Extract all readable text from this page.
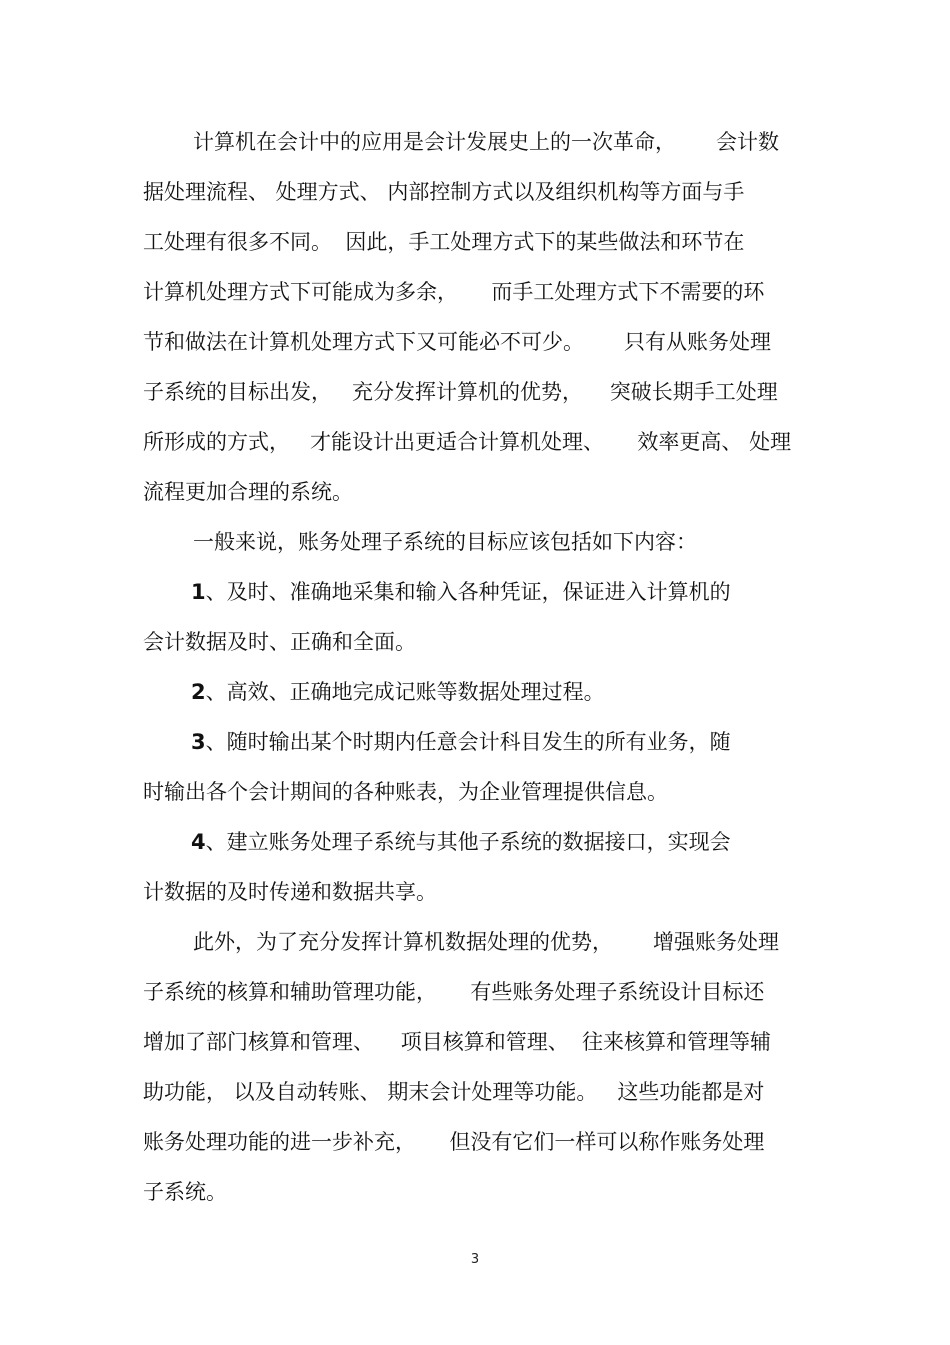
计算机在会计中的应用是会计发展史上的一次革命，      会计数
据处理流程、 处理方式、 内部控制方式以及组织机构等方面与手
工处理有很多不同。  因此，手工处理方式下的某些做法和环节在
计算机处理方式下可能成为多余，     而手工处理方式下不需要的环
节和做法在计算机处理方式下又可能必不可少。      只有从账务处理
子系统的目标出发，   充分发挥计算机的优势，    突破长期手工处理
所形成的方式，   才能设计出更适合计算机处理、     效率更高、 处理
流程更加合理的系统。
一般来说，账务处理子系统的目标应该包括如下内容：
1、及时、准确地采集和输入各种凭证，保证进入计算机的
会计数据及时、正确和全面。
2、高效、正确地完成记账等数据处理过程。
3、随时输出某个时期内任意会计科目发生的所有业务，随
时输出各个会计期间的各种账表，为企业管理提供信息。
4、建立账务处理子系统与其他子系统的数据接口，实现会
计数据的及时传递和数据共享。
此外，为了充分发挥计算机数据处理的优势，      增强账务处理
子系统的核算和辅助管理功能，     有些账务处理子系统设计目标还
增加了部门核算和管理、    项目核算和管理、  往来核算和管理等辅
助功能， 以及自动转账、 期末会计处理等功能。   这些功能都是对
账务处理功能的进一步补充，     但没有它们一样可以称作账务处理
子系统。
3
